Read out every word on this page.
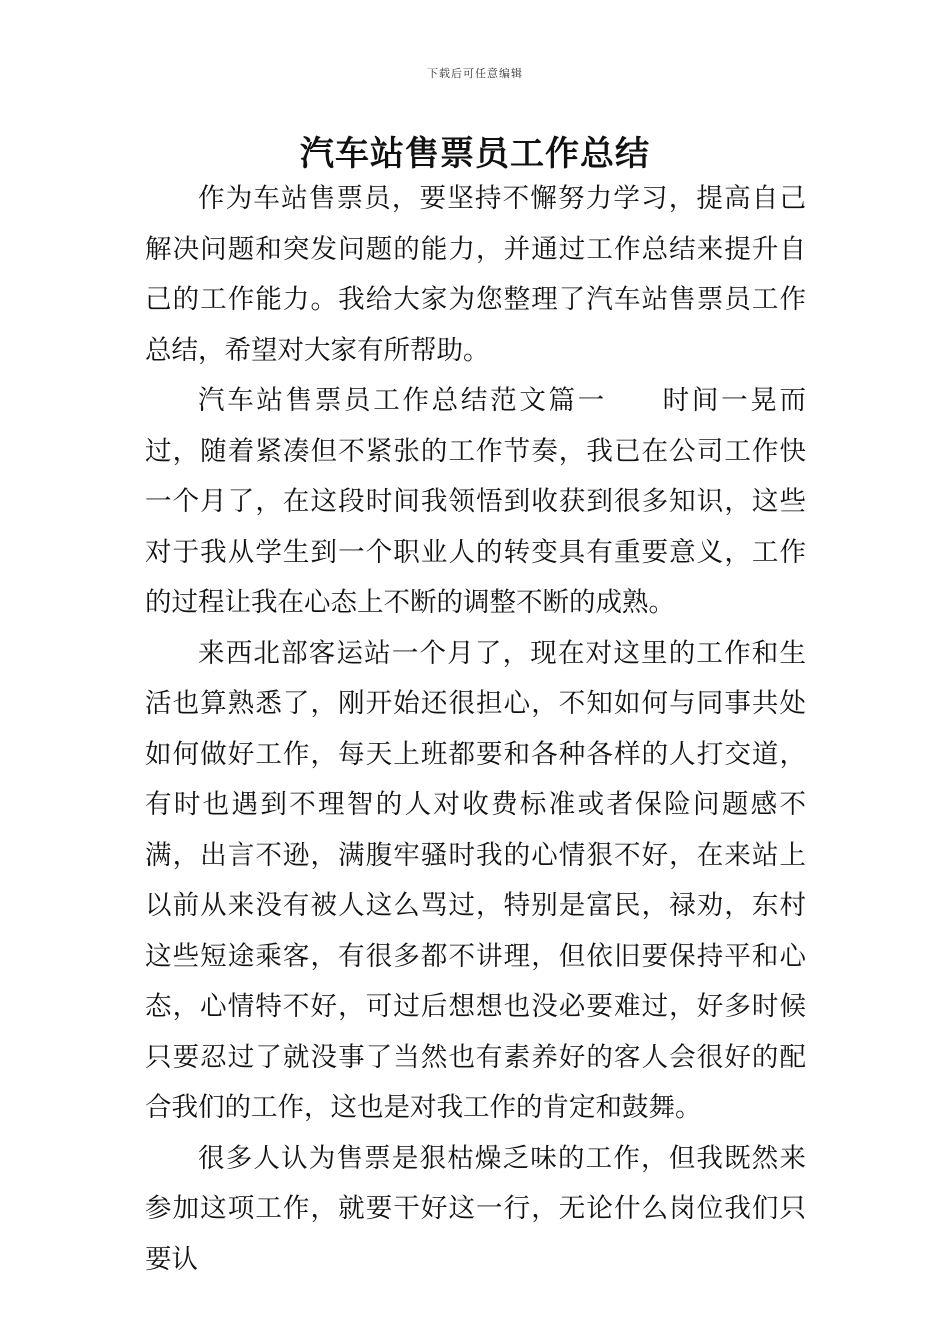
下载后可任意编辑
汽车站售票员工作总结

作为车站售票员，要坚持不懈努力学习，提高自己解决问题和突发问题的能力，并通过工作总结来提升自己的工作能力。我给大家为您整理了汽车站售票员工作总结，希望对大家有所帮助。

汽车站售票员工作总结范文篇一 时间一晃而过，随着紧凑但不紧张的工作节奏，我已在公司工作快一个月了，在这段时间我领悟到收获到很多知识，这些对于我从学生到一个职业人的转变具有重要意义，工作的过程让我在心态上不断的调整不断的成熟。

来西北部客运站一个月了，现在对这里的工作和生活也算熟悉了，刚开始还很担心，不知如何与同事共处如何做好工作，每天上班都要和各种各样的人打交道，有时也遇到不理智的人对收费标准或者保险问题感不满，出言不逊，满腹牢骚时我的心情狠不好，在来站上以前从来没有被人这么骂过，特别是富民，禄劝，东村这些短途乘客，有很多都不讲理，但依旧要保持平和心态，心情特不好，可过后想想也没必要难过，好多时候只要忍过了就没事了当然也有素养好的客人会很好的配合我们的工作，这也是对我工作的肯定和鼓舞。

很多人认为售票是狠枯燥乏味的工作，但我既然来参加这项工作，就要干好这一行，无论什么岗位我们只要认
